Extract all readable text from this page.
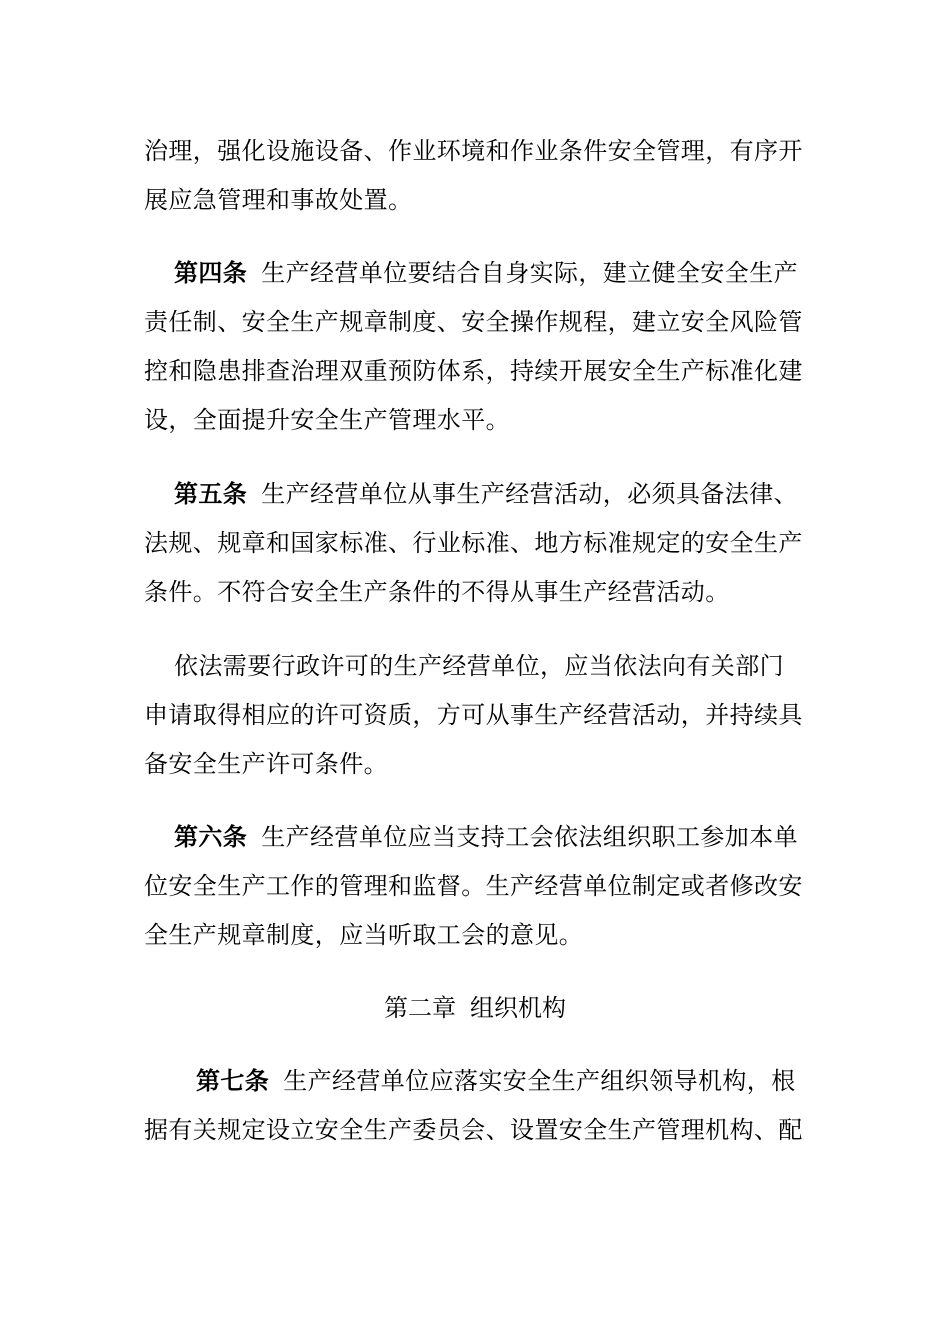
治理，强化设施设备、作业环境和作业条件安全管理，有序开展应急管理和事故处置。

第四条 生产经营单位要结合自身实际，建立健全安全生产责任制、安全生产规章制度、安全操作规程，建立安全风险管控和隐患排查治理双重预防体系，持续开展安全生产标准化建设，全面提升安全生产管理水平。

第五条 生产经营单位从事生产经营活动，必须具备法律、法规、规章和国家标准、行业标准、地方标准规定的安全生产条件。不符合安全生产条件的不得从事生产经营活动。

依法需要行政许可的生产经营单位，应当依法向有关部门申请取得相应的许可资质，方可从事生产经营活动，并持续具备安全生产许可条件。

第六条 生产经营单位应当支持工会依法组织职工参加本单位安全生产工作的管理和监督。生产经营单位制定或者修改安全生产规章制度，应当听取工会的意见。

第二章 组织机构

第七条 生产经营单位应落实安全生产组织领导机构，根据有关规定设立安全生产委员会、设置安全生产管理机构、配
